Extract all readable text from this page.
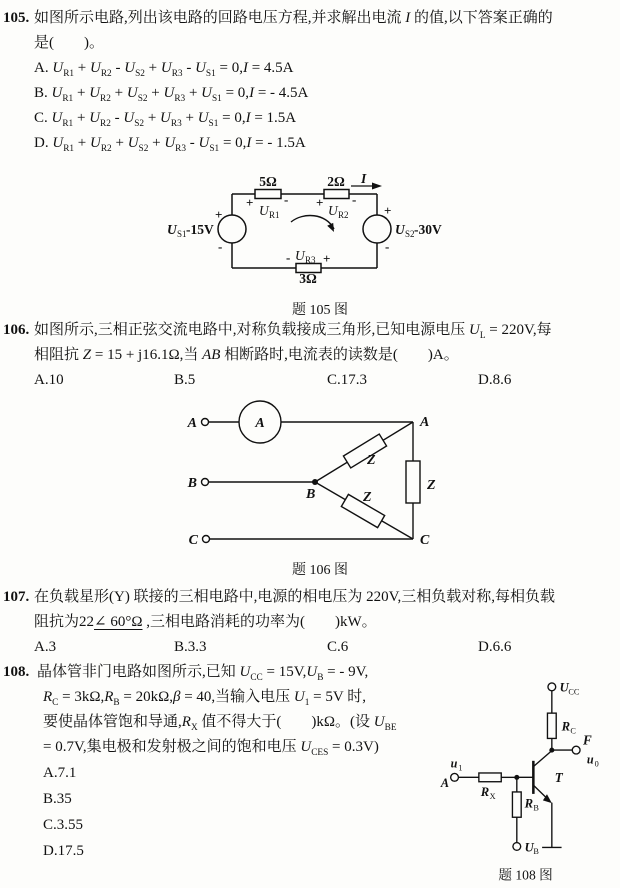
105. 如图所示电路,列出该电路的回路电压方程,并求解出电流 I 的值,以下答案正确的
是(　　)。
A. $U_{R1} + U_{R2} - U_{S2} + U_{R3} - U_{S1} = 0,I = 4.5A$
B. $U_{R1} + U_{R2} + U_{S2} + U_{R3} + U_{S1} = 0,I$ = - 4.5A
C. $U_{R1} + U_{R2} - U_{S2} + U_{R3} + U_{S1} = 0,I = 1.5A$
D. $U_{R1} + U_{R2} + U_{S2} + U_{R3} - U_{S1} = 0,I$ = - 1.5A
5Ω	2Ω
3Ω
I
+ - + -
-	+
+
-
+
-
U R1	U R2
U R3
U S1 -15V	U S2 -30V
题 105 图
106. 如图所示,三相正弦交流电路中,对称负载接成三角形,已知电源电压 $U_L = 220V$,每
相阻抗 Z = 15 + j16.1Ω,当 AB 相断路时,电流表的读数是(　　)A。
A.10	B.5	C.17.3	D.8.6
A
B
C
A	A
B
C
Z
Z
Z
题 106 图
107. 在负载星形(Y) 联接的三相电路中,电源的相电压为 220V,三相负载对称,每相负载
阻抗为22∠ 60°Ω ,三相电路消耗的功率为(　　)kW。
A.3	B.3.3	C.6	D.6.6
108. 晶体管非门电路如图所示,已知 $U_{CC} = 15V,U_B$ = - 9V,
$R_C = 3k\Omega,R_B = 20k\Omega,\beta = 40$,当输入电压 $U_1 = 5V$ 时,
要使晶体管饱和导通$,R_X$ 值不得大于(　　)kΩ。(设 $U_{BE}$
= 0.7V,集电极和发射极之间的饱和电压 $U_{CES} = 0.3V$)
A.7.1
B.35
C.3.55
D.17.5
U CC
R C
F
u 0
u 1
A
R X
R B
U B
T
题 108 图
